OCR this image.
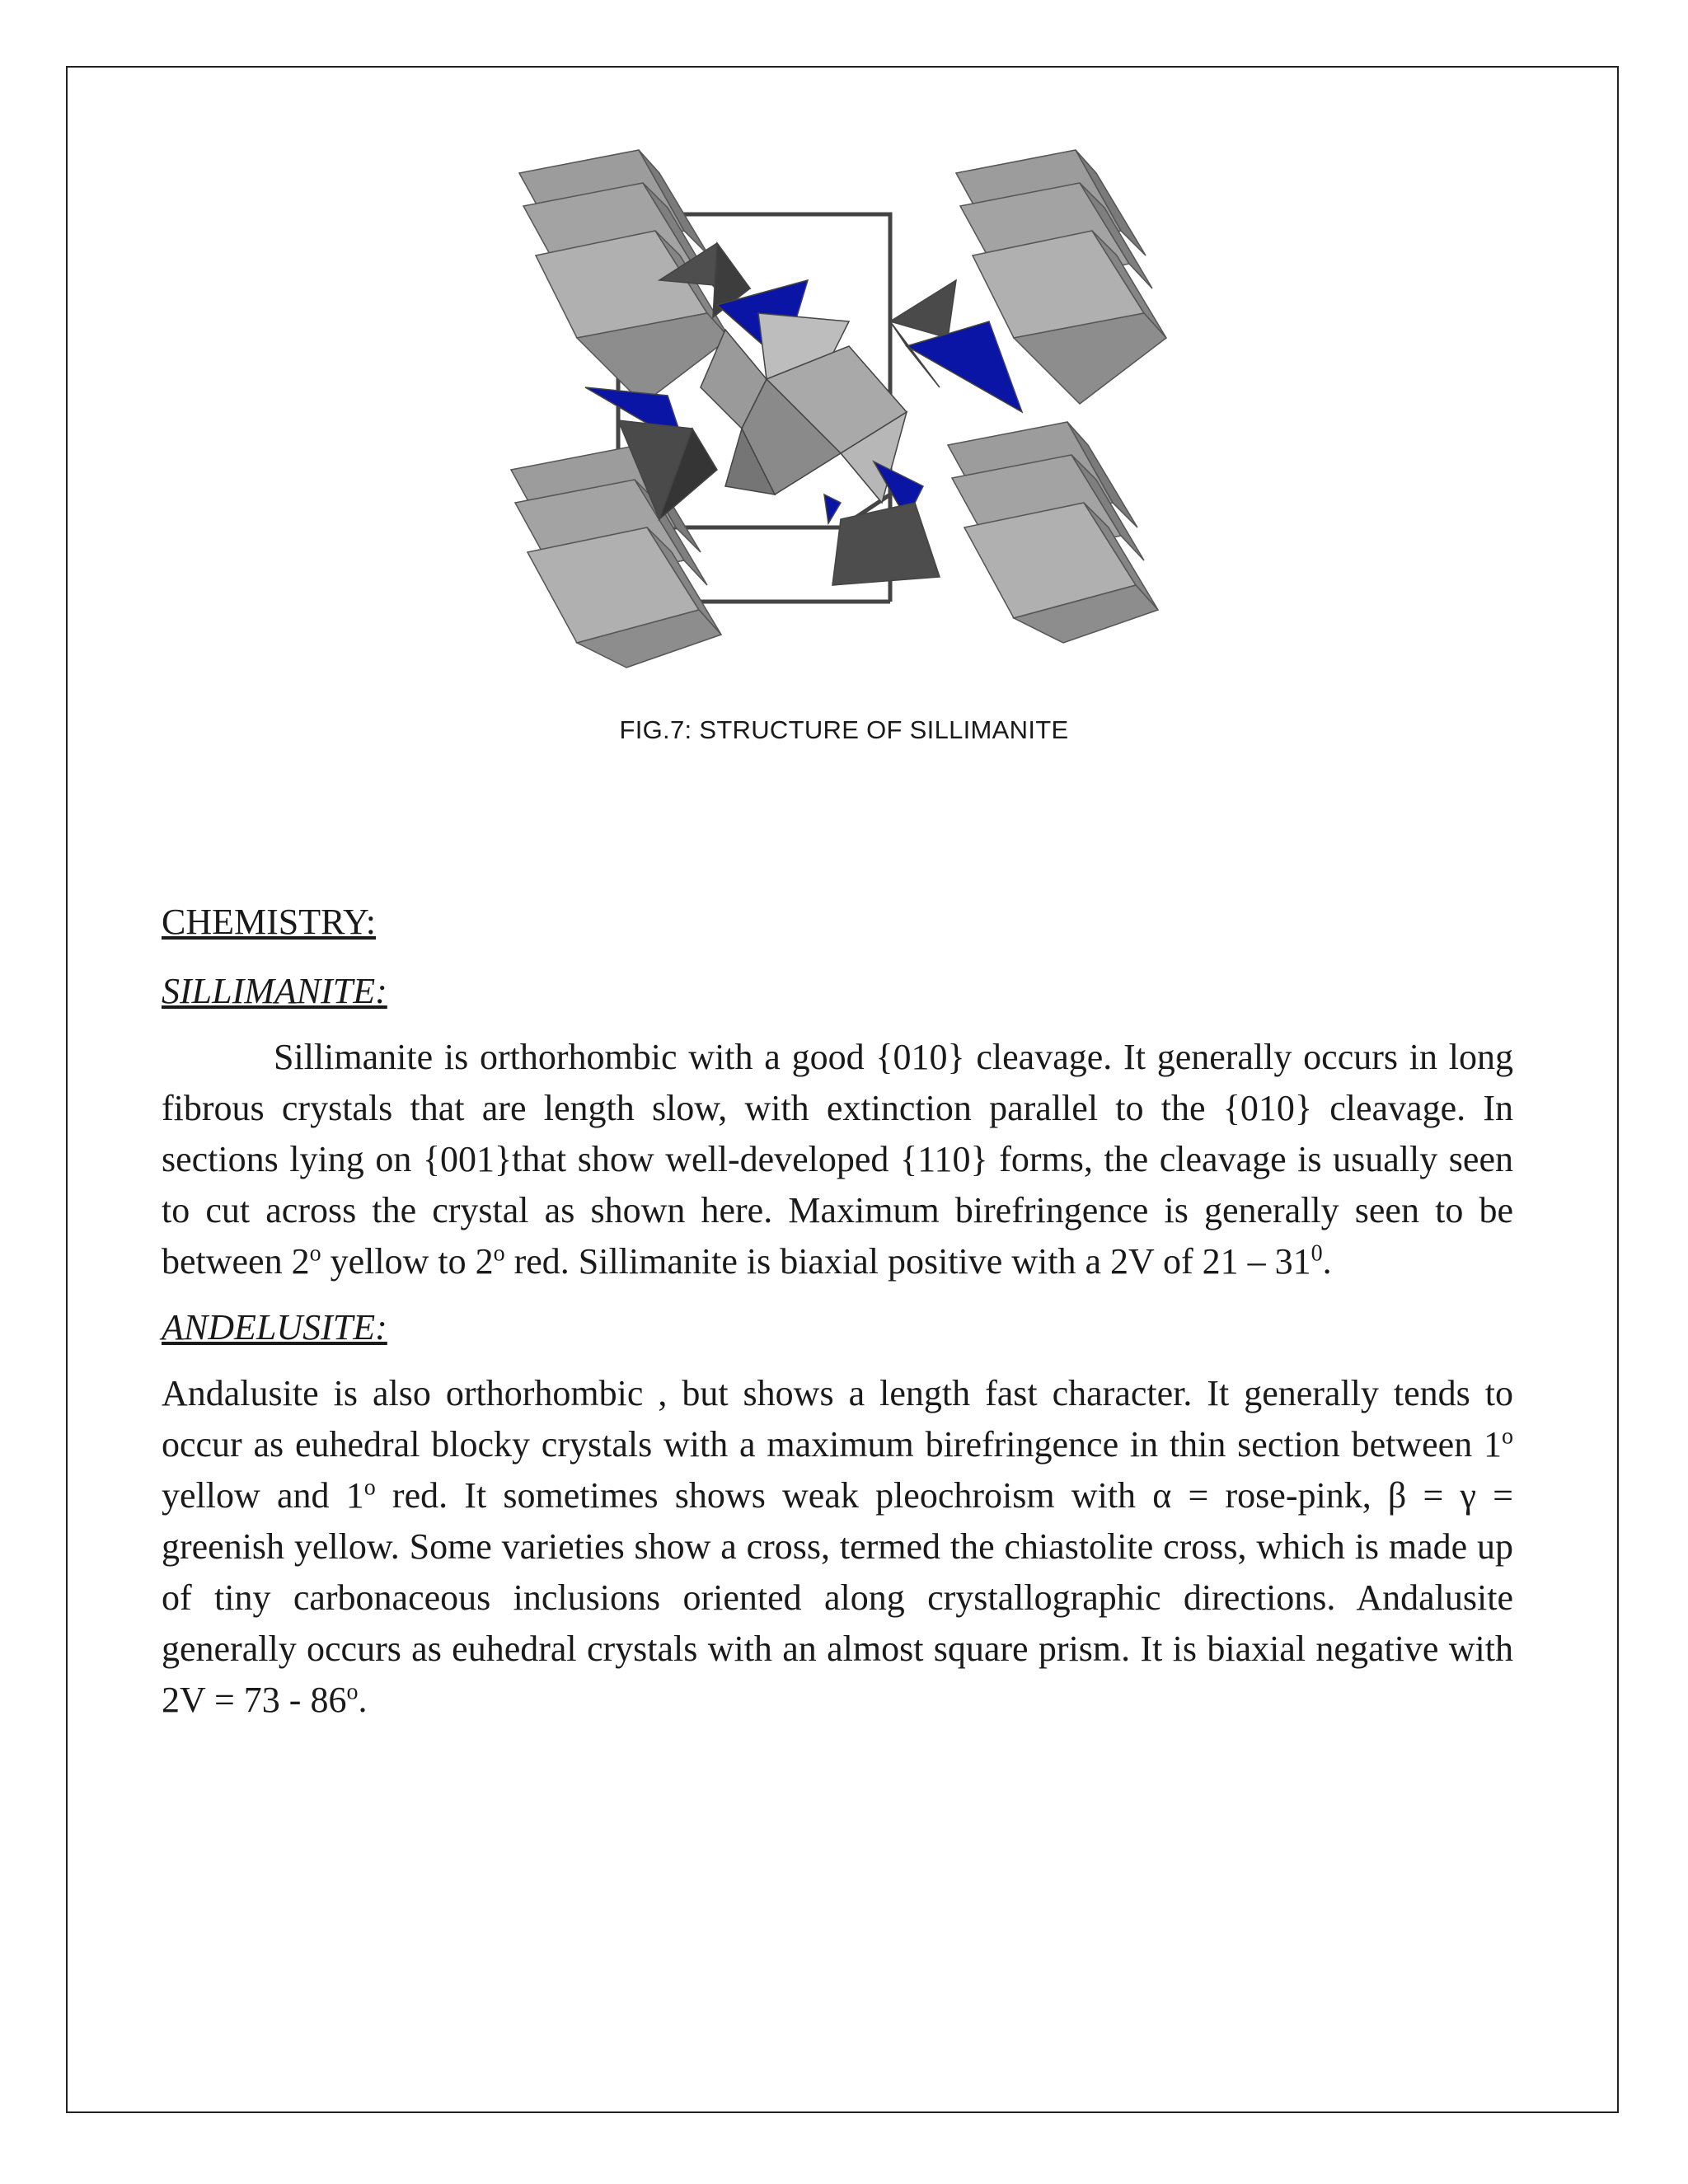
FIG.7: STRUCTURE OF SILLIMANITE
CHEMISTRY:
SILLIMANITE:

Sillimanite is orthorhombic with a good {010} cleavage. It generally occurs in long fibrous crystals that are length slow, with extinction parallel to the {010} cleavage. In sections lying on {001}that show well-developed {110} forms, the cleavage is usually seen to cut across the crystal as shown here. Maximum birefringence is generally seen to be between 2$^o$ yellow to 2$^o$ red. Sillimanite is biaxial positive with a 2V of $21 - 31^0$.

ANDELUSITE:

Andalusite is also orthorhombic , but shows a length fast character. It generally tends to occur as euhedral blocky crystals with a maximum birefringence in thin section between 1$^o$ yellow and 1$^o$ red. It sometimes shows weak pleochroism with α = rose-pink, β = γ = greenish yellow. Some varieties show a cross, termed the chiastolite cross, which is made up of tiny carbonaceous inclusions oriented along crystallographic directions. Andalusite generally occurs as euhedral crystals with an almost square prism. It is biaxial negative with 2V = 73 - 86$^o$.
